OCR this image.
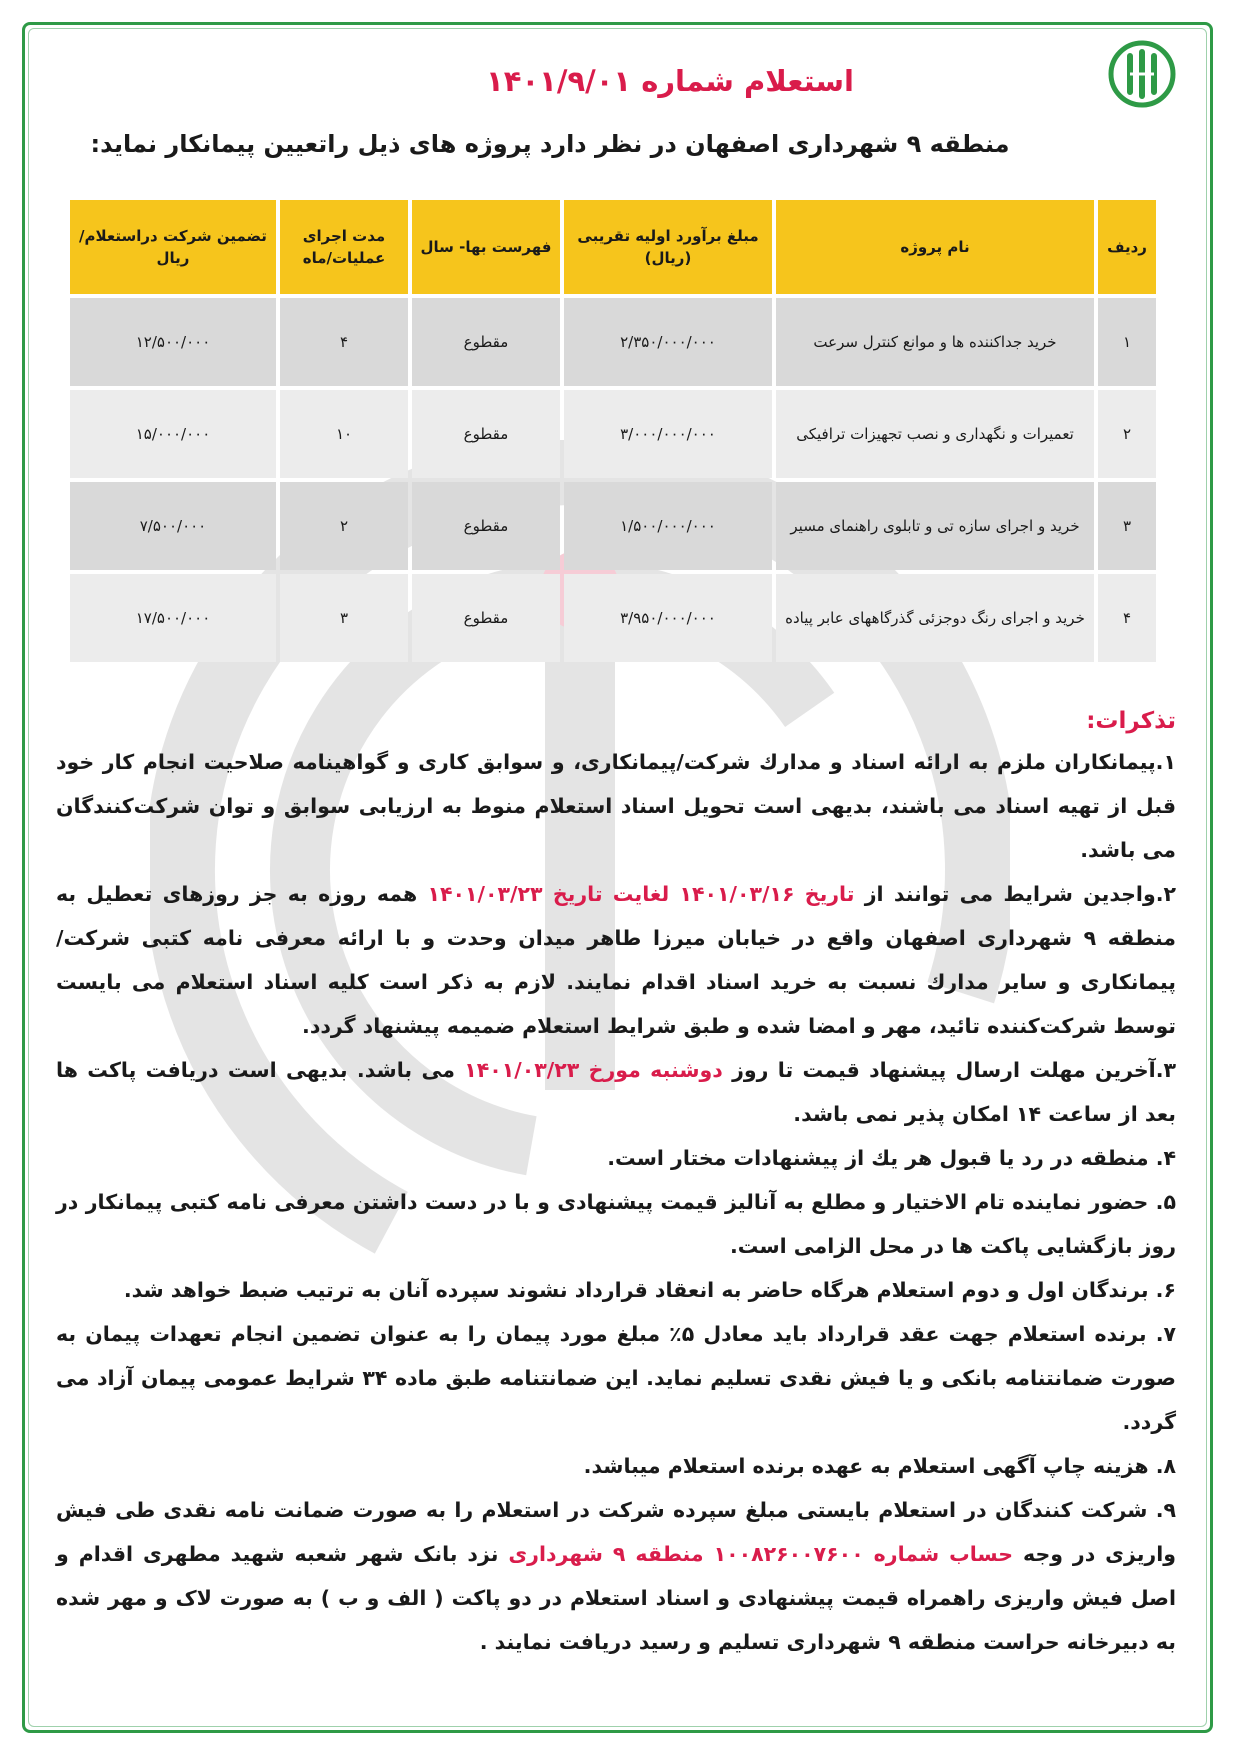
استعلام شماره ۱۴۰۱/۹/۰۱
منطقه ۹ شهرداری اصفهان در نظر دارد پروژه های ذیل راتعیین پیمانکار نماید:
ردیف	نام پروژه	مبلغ برآورد اولیه تقریبی (ریال)	فهرست بها- سال	مدت اجرای عملیات/ماه	تضمین شرکت دراستعلام/ریال
۱	خرید جداکننده ها و موانع کنترل سرعت	۲/۳۵۰/۰۰۰/۰۰۰	مقطوع	۴	۱۲/۵۰۰/۰۰۰
۲	تعمیرات و نگهداری و نصب تجهیزات ترافیکی	۳/۰۰۰/۰۰۰/۰۰۰	مقطوع	۱۰	۱۵/۰۰۰/۰۰۰
۳	خرید و اجرای سازه تی و تابلوی راهنمای مسیر	۱/۵۰۰/۰۰۰/۰۰۰	مقطوع	۲	۷/۵۰۰/۰۰۰
۴	خرید و اجرای رنگ دوجزئی گذرگاههای عابر پیاده	۳/۹۵۰/۰۰۰/۰۰۰	مقطوع	۳	۱۷/۵۰۰/۰۰۰
تذکرات:

۱.پیمانکاران ملزم به ارائه اسناد و مدارك شرکت/پیمانکاری، و سوابق کاری و گواهینامه صلاحیت انجام کار خود قبل از تهیه اسناد می باشند، بدیهی است تحویل اسناد استعلام منوط به ارزیابی سوابق و توان شرکت‌کنندگان می باشد.

۲.واجدین شرایط می توانند از تاریخ ۱۴۰۱/۰۳/۱۶ لغایت تاریخ ۱۴۰۱/۰۳/۲۳ همه روزه به جز روزهای تعطیل به منطقه ۹ شهرداری اصفهان واقع در خیابان میرزا طاهر میدان وحدت و با ارائه معرفی نامه کتبی شرکت/پیمانکاری و سایر مدارك نسبت به خرید اسناد اقدام نمایند. لازم به ذکر است کلیه اسناد استعلام می بایست توسط شرکت‌کننده تائید، مهر و امضا شده و طبق شرایط استعلام ضمیمه پیشنهاد گردد.

۳.آخرین مهلت ارسال پیشنهاد قیمت تا روز دوشنبه مورخ ۱۴۰۱/۰۳/۲۳ می باشد. بدیهی است دریافت پاکت ها بعد از ساعت ۱۴ امکان پذیر نمی باشد.

۴. منطقه در رد یا قبول هر یك از پیشنهادات مختار است.

۵. حضور نماینده تام الاختیار و مطلع به آنالیز قیمت پیشنهادی و با در دست داشتن معرفی نامه کتبی پیمانکار در روز بازگشایی پاکت ها در محل الزامی است.

۶. برندگان اول و دوم استعلام هرگاه حاضر به انعقاد قرارداد نشوند سپرده آنان به ترتیب ضبط خواهد شد.

۷. برنده استعلام جهت عقد قرارداد باید معادل ۵٪ مبلغ مورد پیمان را به عنوان تضمین انجام تعهدات پیمان به صورت ضمانتنامه بانکی و یا فیش نقدی تسلیم نماید. این ضمانتنامه طبق ماده ۳۴ شرایط عمومی پیمان آزاد می گردد.

۸. هزینه چاپ آگهی استعلام به عهده برنده استعلام میباشد.

۹. شرکت کنندگان در استعلام بایستی مبلغ سپرده شرکت در استعلام را به صورت ضمانت نامه نقدی طی فیش واریزی در وجه حساب شماره ۱۰۰۸۲۶۰۰۷۶۰۰ منطقه ۹ شهرداری نزد بانک شهر شعبه شهید مطهری اقدام و اصل فیش واریزی راهمراه قیمت پیشنهادی و اسناد استعلام در دو پاکت ( الف و ب ) به صورت لاک و مهر شده به دبیرخانه حراست منطقه ۹ شهرداری تسلیم و رسید دریافت نمایند .
